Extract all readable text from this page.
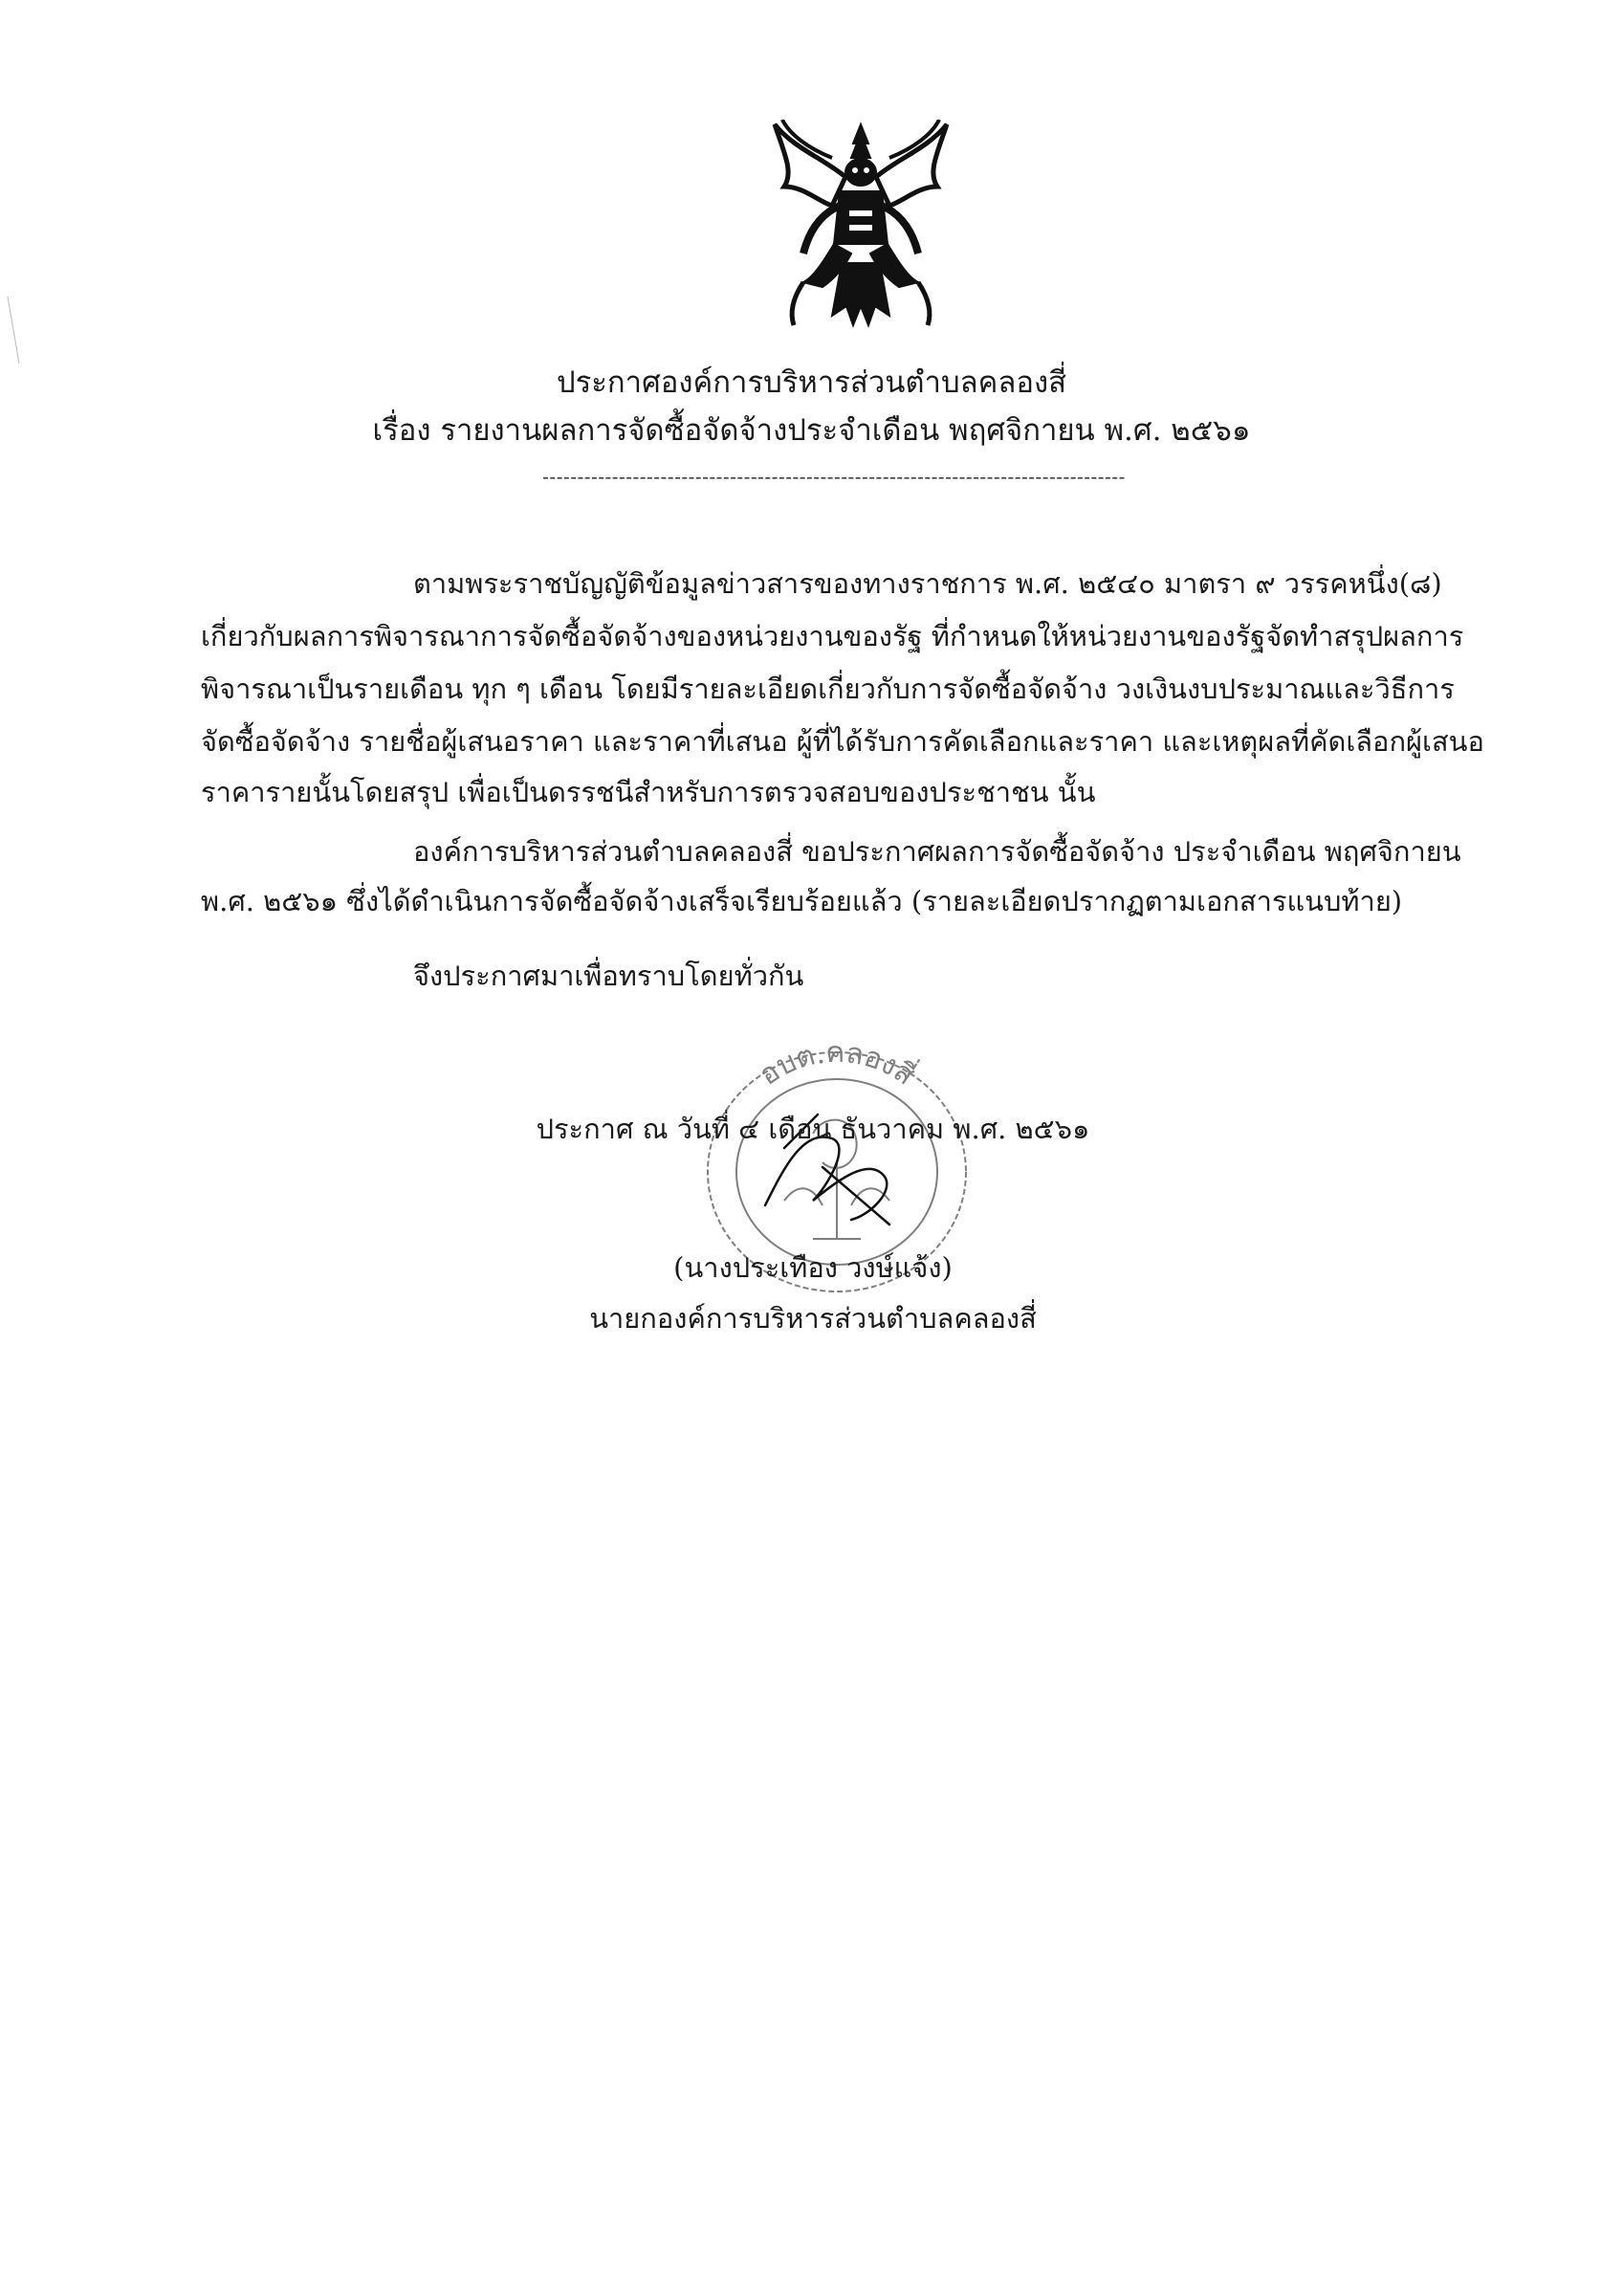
ประกาศองค์การบริหารส่วนตำบลคลองสี่
เรื่อง รายงานผลการจัดซื้อจัดจ้างประจำเดือน พฤศจิกายน พ.ศ. ๒๕๖๑
------------------------------------------------------------------------------------
ตามพระราชบัญญัติข้อมูลข่าวสารของทางราชการ พ.ศ. ๒๕๔๐ มาตรา ๙ วรรคหนึ่ง(๘)
เกี่ยวกับผลการพิจารณาการจัดซื้อจัดจ้างของหน่วยงานของรัฐ ที่กำหนดให้หน่วยงานของรัฐจัดทำสรุปผลการ
พิจารณาเป็นรายเดือน ทุก ๆ เดือน โดยมีรายละเอียดเกี่ยวกับการจัดซื้อจัดจ้าง วงเงินงบประมาณและวิธีการ
จัดซื้อจัดจ้าง รายชื่อผู้เสนอราคา และราคาที่เสนอ ผู้ที่ได้รับการคัดเลือกและราคา และเหตุผลที่คัดเลือกผู้เสนอ
ราคารายนั้นโดยสรุป เพื่อเป็นดรรชนีสำหรับการตรวจสอบของประชาชน นั้น
องค์การบริหารส่วนตำบลคลองสี่ ขอประกาศผลการจัดซื้อจัดจ้าง ประจำเดือน พฤศจิกายน
พ.ศ. ๒๕๖๑ ซึ่งได้ดำเนินการจัดซื้อจัดจ้างเสร็จเรียบร้อยแล้ว (รายละเอียดปรากฏตามเอกสารแนบท้าย)
จึงประกาศมาเพื่อทราบโดยทั่วกัน
อบต.คลองสี่
ประกาศ ณ วันที่ ๔ เดือน ธันวาคม พ.ศ. ๒๕๖๑
(นางประเทือง วงษ์แจ้ง)
นายกองค์การบริหารส่วนตำบลคลองสี่
